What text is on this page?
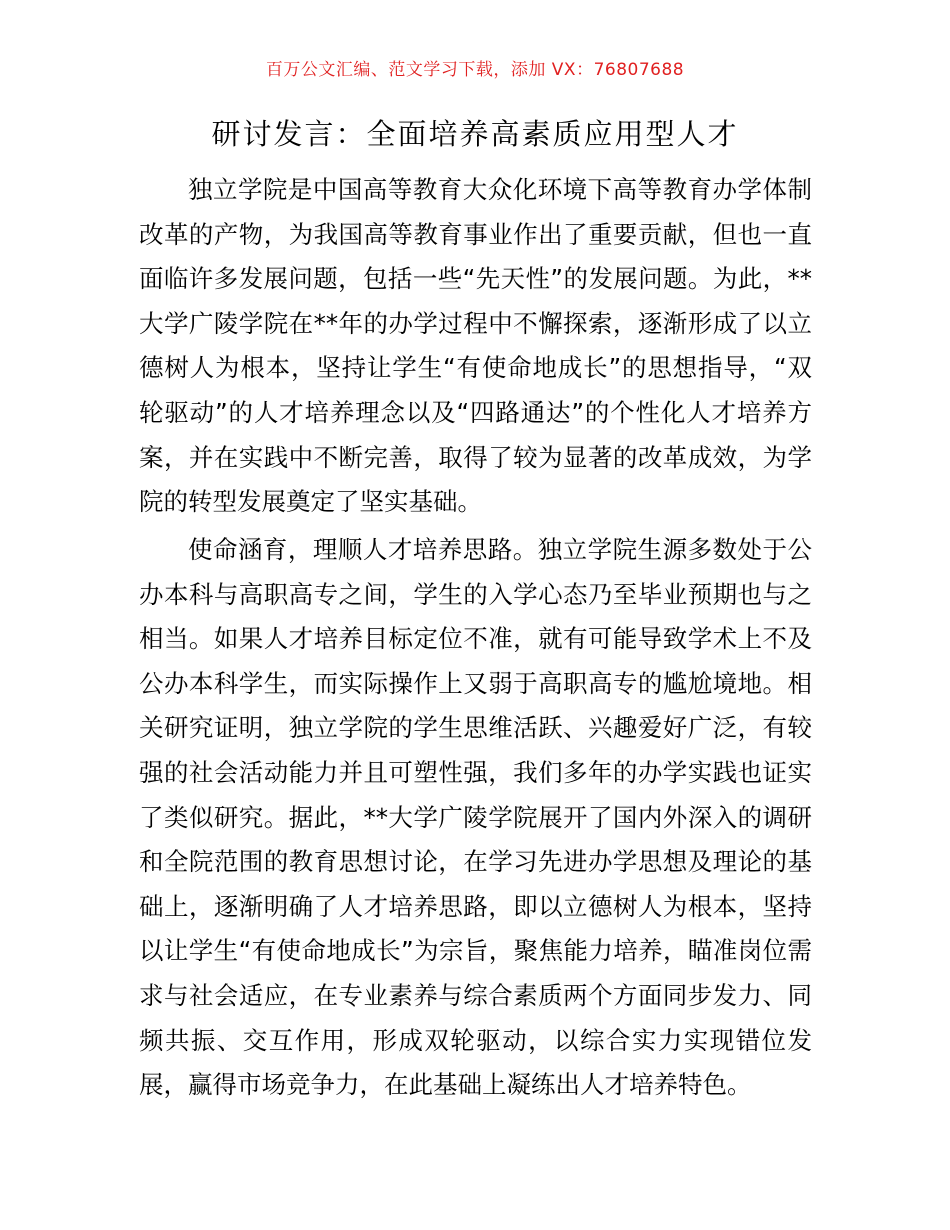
百万公文汇编、范文学习下载，添加 VX：76807688
研讨发言：全面培养高素质应用型人才

独立学院是中国高等教育大众化环境下高等教育办学体制改革的产物，为我国高等教育事业作出了重要贡献，但也一直面临许多发展问题，包括一些“先天性”的发展问题。为此，**大学广陵学院在**年的办学过程中不懈探索，逐渐形成了以立德树人为根本，坚持让学生“有使命地成长”的思想指导，“双轮驱动”的人才培养理念以及“四路通达”的个性化人才培养方案，并在实践中不断完善，取得了较为显著的改革成效，为学院的转型发展奠定了坚实基础。

使命涵育，理顺人才培养思路。独立学院生源多数处于公办本科与高职高专之间，学生的入学心态乃至毕业预期也与之相当。如果人才培养目标定位不准，就有可能导致学术上不及公办本科学生，而实际操作上又弱于高职高专的尴尬境地。相关研究证明，独立学院的学生思维活跃、兴趣爱好广泛，有较强的社会活动能力并且可塑性强，我们多年的办学实践也证实了类似研究。据此，**大学广陵学院展开了国内外深入的调研和全院范围的教育思想讨论，在学习先进办学思想及理论的基础上，逐渐明确了人才培养思路，即以立德树人为根本，坚持以让学生“有使命地成长”为宗旨，聚焦能力培养，瞄准岗位需求与社会适应，在专业素养与综合素质两个方面同步发力、同频共振、交互作用，形成双轮驱动，以综合实力实现错位发展，赢得市场竞争力，在此基础上凝练出人才培养特色。
